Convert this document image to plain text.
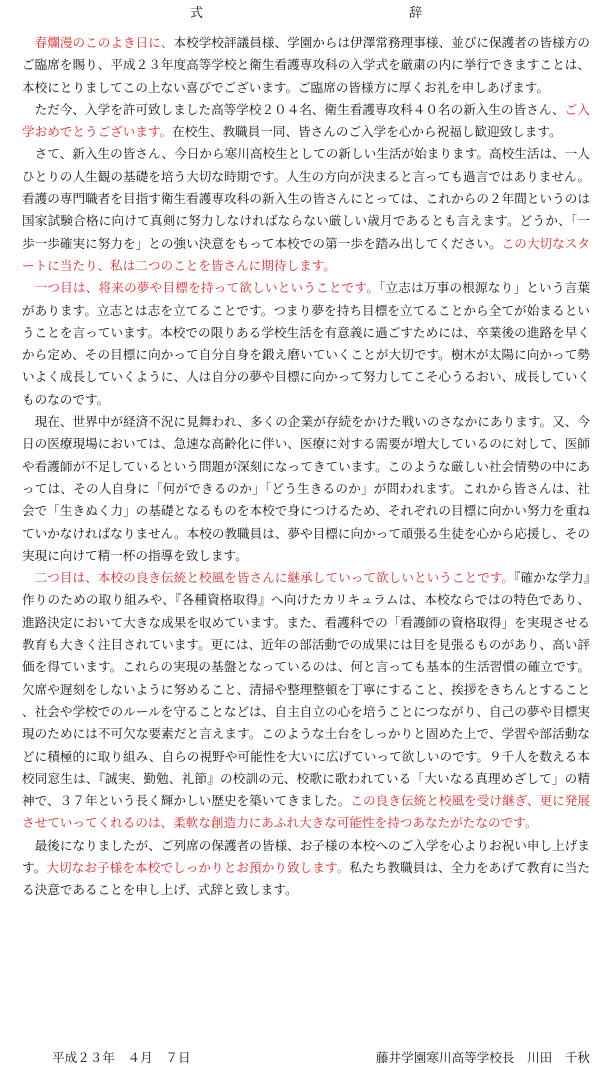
式　　辞

春爛漫のこのよき日に、本校学校評議員様、学園からは伊澤常務理事様、並びに保護者の皆様方のご臨席を賜り、平成２３年度高等学校と衛生看護専攻科の入学式を厳粛の内に挙行できますことは、本校にとりましてこの上ない喜びでございます。ご臨席の皆様方に厚くお礼を申しあげます。

ただ今、入学を許可致しました高等学校２０４名、衛生看護専攻科４０名の新入生の皆さん、ご入学おめでとうございます。在校生、教職員一同、皆さんのご入学を心から祝福し歓迎致します。

さて、新入生の皆さん、今日から寒川高校生としての新しい生活が始まります。高校生活は、一人ひとりの人生観の基礎を培う大切な時期です。人生の方向が決まると言っても過言ではありません。看護の専門職者を目指す衛生看護専攻科の新入生の皆さんにとっては、これからの２年間というのは国家試験合格に向けて真剣に努力しなければならない厳しい歳月であるとも言えます。どうか、「一歩一歩確実に努力を」との強い決意をもって本校での第一歩を踏み出してください。この大切なスタートに当たり、私は二つのことを皆さんに期待します。

一つ目は、将来の夢や目標を持って欲しいということです。「立志は万事の根源なり」という言葉があります。立志とは志を立てることです。つまり夢を持ち目標を立てることから全てが始まるということを言っています。本校での限りある学校生活を有意義に過ごすためには、卒業後の進路を早くから定め、その目標に向かって自分自身を鍛え磨いていくことが大切です。樹木が太陽に向かって勢いよく成長していくように、人は自分の夢や目標に向かって努力してこそ心うるおい、成長していくものなのです。

現在、世界中が経済不況に見舞われ、多くの企業が存続をかけた戦いのさなかにあります。又、今日の医療現場においては、急速な高齢化に伴い、医療に対する需要が増大しているのに対して、医師や看護師が不足しているという問題が深刻になってきています。このような厳しい社会情勢の中にあっては、その人自身に「何ができるのか」「どう生きるのか」が問われます。これから皆さんは、社会で「生きぬく力」の基礎となるものを本校で身につけるため、それぞれの目標に向かい努力を重ねていかなければなりません。本校の教職員は、夢や目標に向かって頑張る生徒を心から応援し、その実現に向けて精一杯の指導を致します。

二つ目は、本校の良き伝統と校風を皆さんに継承していって欲しいということです。『確かな学力』作りのための取り組みや、『各種資格取得』へ向けたカリキュラムは、本校ならではの特色であり、進路決定において大きな成果を収めています。また、看護科での「看護師の資格取得」を実現させる教育も大きく注目されています。更には、近年の部活動での成果には目を見張るものがあり、高い評価を得ています。これらの実現の基盤となっているのは、何と言っても基本的生活習慣の確立です。欠席や遅刻をしないように努めること、清掃や整理整頓を丁寧にすること、挨拶をきちんとすること、社会や学校でのルールを守ることなどは、自主自立の心を培うことにつながり、自己の夢や目標実現のためには不可欠な要素だと言えます。このような土台をしっかりと固めた上で、学習や部活動などに積極的に取り組み、自らの視野や可能性を大いに広げていって欲しいのです。９千人を数える本校同窓生は、『誠実、勤勉、礼節』の校訓の元、校歌に歌われている「大いなる真理めざして」の精神で、３７年という長く輝かしい歴史を築いてきました。この良き伝統と校風を受け継ぎ、更に発展させていってくれるのは、柔軟な創造力にあふれ大きな可能性を持つあなたがたなのです。

最後になりましたが、ご列席の保護者の皆様、お子様の本校へのご入学を心よりお祝い申し上げます。大切なお子様を本校でしっかりとお預かり致します。私たち教職員は、全力をあげて教育に当たる決意であることを申し上げ、式辞と致します。

平成２３年　４月　７日	藤井学園寒川高等学校長　川田　千秋
